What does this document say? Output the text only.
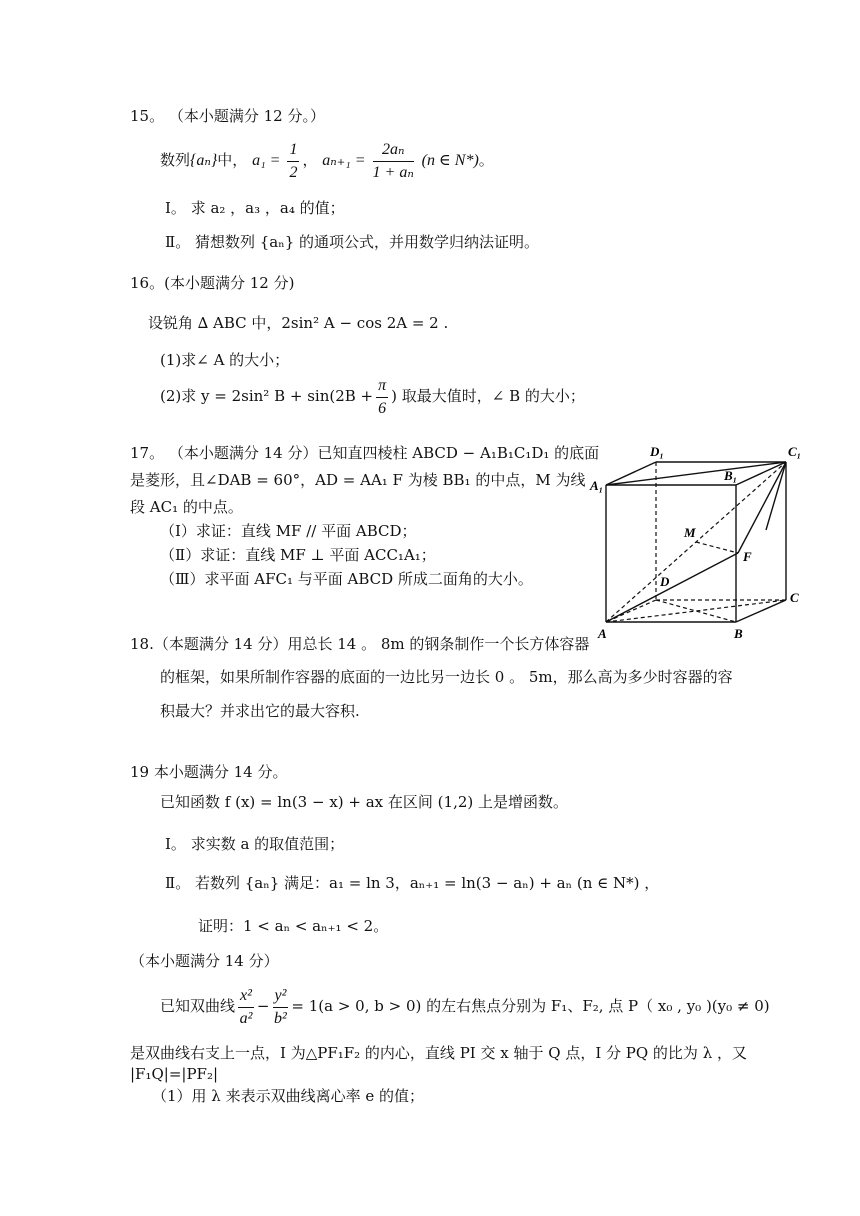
15。 （本小题满分 12 分。）
数列{aₙ}中， $a_1 = \frac{1}{2}$ ， $a_{n+1} = \frac{\text{2aₙ}}{\text{1 + aₙ}} (n$ ∈ N*)。
Ⅰ。 求 a₂ ，a₃ ，a₄ 的值；
Ⅱ。 猜想数列 {aₙ} 的通项公式，并用数学归纳法证明。
16。(本小题满分 12 分)
设锐角 ∆ ABC 中，2sin² A − cos 2A = 2 .
(1)求∠ A 的大小；
(2)求 y = 2sin² $B + \sin(2B + \frac{\pi}{6}$ ) 取最大值时，∠ B 的大小；
17。 （本小题满分 14 分）已知直四棱柱 ABCD − A₁B₁C₁D₁ 的底面
是菱形，且∠DAB = 60°，AD = AA₁ F 为棱 BB₁ 的中点，M 为线
段 AC₁ 的中点。
（Ⅰ）求证：直线 MF // 平面 ABCD；
（Ⅱ）求证：直线 MF ⊥ 平面 ACC₁A₁；
（Ⅲ）求平面 AFC₁ 与平面 ABCD 所成二面角的大小。
D₁	C₁
A₁
B₁
M
F
D
C
A	B
18.（本题满分 14 分）用总长 14 。 8m 的钢条制作一个长方体容器
的框架，如果所制作容器的底面的一边比另一边长 0 。 5m，那么高为多少时容器的容
积最大？并求出它的最大容积.
19 本小题满分 14 分。
已知函数 f (x) = ln(3 − x) + ax 在区间 (1,2) 上是增函数。
Ⅰ。 求实数 a 的取值范围；
Ⅱ。 若数列 {aₙ} 满足：a₁ = ln 3，aₙ₊₁ = ln(3 − aₙ) + aₙ (n ∈ N*) ，
证明：1 < aₙ < aₙ₊₁ < 2。
（本小题满分 14 分）
已知双曲线 $\frac{\text{x²}}{\text{a²}} - \frac{\text{y²}}{\text{b²}} = 1(a > 0$, b > 0) 的左右焦点分别为 F₁、F₂, 点 P（ x₀ , y₀ )(y₀ ≠ 0)
是双曲线右支上一点，I 为△PF₁F₂ 的内心，直线 PI 交 x 轴于 Q 点，I 分 PQ 的比为 λ ，又
|F₁Q|=|PF₂|
（1）用 λ 来表示双曲线离心率 e 的值；
